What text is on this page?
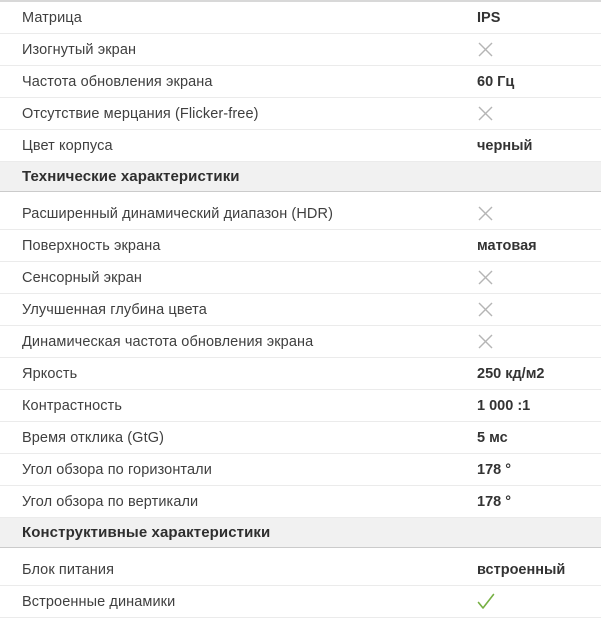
Матрица	IPS
Изогнутый экран
Частота обновления экрана	60 Гц
Отсутствие мерцания (Flicker-free)
Цвет корпуса	черный
Технические характеристики
Расширенный динамический диапазон (HDR)
Поверхность экрана	матовая
Сенсорный экран
Улучшенная глубина цвета
Динамическая частота обновления экрана
Яркость	250 кд/м2
Контрастность	1 000 :1
Время отклика (GtG)	5 мс
Угол обзора по горизонтали	178 °
Угол обзора по вертикали	178 °
Конструктивные характеристики
Блок питания	встроенный
Встроенные динамики
